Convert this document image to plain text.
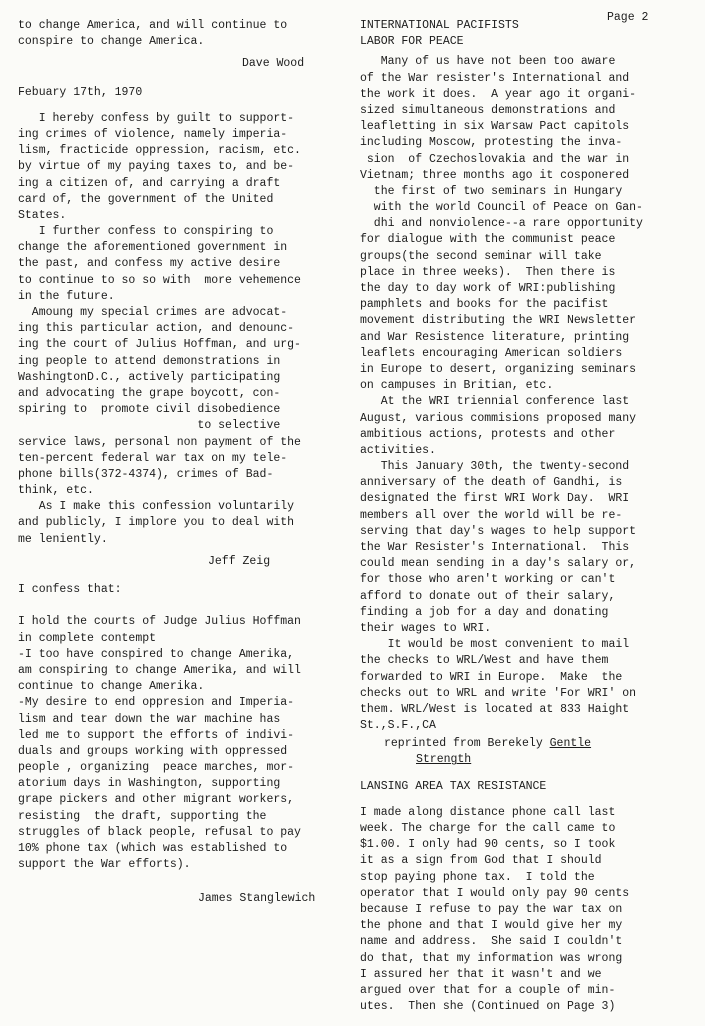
Page 2
to change America, and will continue to
conspire to change America.
Dave Wood
Febuary 17th, 1970
I hereby confess by guilt to support-
ing crimes of violence, namely imperia-
lism, fracticide oppression, racism, etc.
by virtue of my paying taxes to, and be-
ing a citizen of, and carrying a draft
card of, the government of the United
States.
I further confess to conspiring to
change the aforementioned government in
the past, and confess my active desire
to continue to so so with  more vehemence
in the future.
Amoung my special crimes are advocat-
ing this particular action, and denounc-
ing the court of Julius Hoffman, and urg-
ing people to attend demonstrations in
WashingtonD.C., actively participating
and advocating the grape boycott, con-
spiring to  promote civil disobedience
to selective
service laws, personal non payment of the
ten-percent federal war tax on my tele-
phone bills(372-4374), crimes of Bad-
think, etc.
As I make this confession voluntarily
and publicly, I implore you to deal with
me leniently.
Jeff Zeig
I confess that:
I hold the courts of Judge Julius Hoffman
in complete contempt
-I too have conspired to change Amerika,
am conspiring to change Amerika, and will
continue to change Amerika.
-My desire to end oppresion and Imperia-
lism and tear down the war machine has
led me to support the efforts of indivi-
duals and groups working with oppressed
people , organizing  peace marches, mor-
atorium days in Washington, supporting
grape pickers and other migrant workers,
resisting  the draft, supporting the
struggles of black people, refusal to pay
10% phone tax (which was established to
support the War efforts).
James Stanglewich
INTERNATIONAL PACIFISTS
LABOR FOR PEACE
Many of us have not been too aware
of the War resister's International and
the work it does.  A year ago it organi-
sized simultaneous demonstrations and
leafletting in six Warsaw Pact capitols
including Moscow, protesting the inva-
sion  of Czechoslovakia and the war in
Vietnam; three months ago it cosponered
the first of two seminars in Hungary
with the world Council of Peace on Gan-
dhi and nonviolence--a rare opportunity
for dialogue with the communist peace
groups(the second seminar will take
place in three weeks).  Then there is
the day to day work of WRI:publishing
pamphlets and books for the pacifist
movement distributing the WRI Newsletter
and War Resistence literature, printing
leaflets encouraging American soldiers
in Europe to desert, organizing seminars
on campuses in Britian, etc.
At the WRI triennial conference last
August, various commisions proposed many
ambitious actions, protests and other
activities.
This January 30th, the twenty-second
anniversary of the death of Gandhi, is
designated the first WRI Work Day.  WRI
members all over the world will be re-
serving that day's wages to help support
the War Resister's International.  This
could mean sending in a day's salary or,
for those who aren't working or can't
afford to donate out of their salary,
finding a job for a day and donating
their wages to WRI.
It would be most convenient to mail
the checks to WRL/West and have them
forwarded to WRI in Europe.  Make  the
checks out to WRL and write 'For WRI' on
them. WRL/West is located at 833 Haight
St.,S.F.,CA
reprinted from Berekely Gentle
Strength
LANSING AREA TAX RESISTANCE
I made along distance phone call last
week. The charge for the call came to
$1.00. I only had 90 cents, so I took
it as a sign from God that I should
stop paying phone tax.  I told the
operator that I would only pay 90 cents
because I refuse to pay the war tax on
the phone and that I would give her my
name and address.  She said I couldn't
do that, that my information was wrong
I assured her that it wasn't and we
argued over that for a couple of min-
utes.  Then she (Continued on Page 3)
